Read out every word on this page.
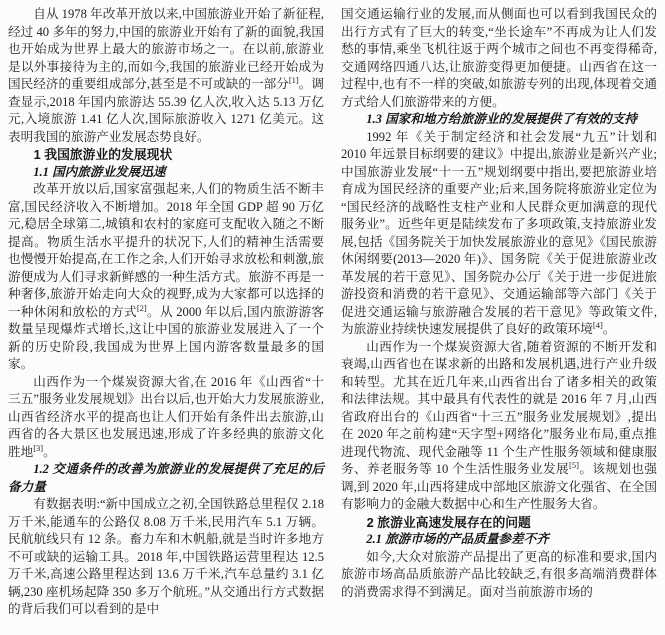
自从 1978 年改革开放以来,中国旅游业开始了新征程,经过 40 多年的努力,中国的旅游业开始有了新的面貌,我国也开始成为世界上最大的旅游市场之一。在以前,旅游业是以外事接待为主的,而如今,我国的旅游业已经开始成为国民经济的重要组成部分,甚至是不可或缺的一部分[1]。调查显示,2018 年国内旅游达 55.39 亿人次,收入达 5.13 万亿元,入境旅游 1.41 亿人次,国际旅游收入 1271 亿美元。这表明我国的旅游产业发展态势良好。

1 我国旅游业的发展现状
1.1 国内旅游业发展迅速

改革开放以后,国家富强起来,人们的物质生活不断丰富,国民经济收入不断增加。2018 年全国 GDP 超 90 万亿元,稳居全球第二,城镇和农村的家庭可支配收入随之不断提高。物质生活水平提升的状况下,人们的精神生活需要也慢慢开始提高,在工作之余,人们开始寻求放松和刺激,旅游便成为人们寻求新鲜感的一种生活方式。旅游不再是一种奢侈,旅游开始走向大众的视野,成为大家都可以选择的一种休闲和放松的方式[2]。从 2000 年以后,国内旅游游客数量呈现爆炸式增长,这让中国的旅游业发展进入了一个新的历史阶段,我国成为世界上国内游客数量最多的国家。

山西作为一个煤炭资源大省,在 2016 年《山西省“十三五”服务业发展规划》出台以后,也开始大力发展旅游业,山西省经济水平的提高也让人们开始有条件出去旅游,山西省的各大景区也发展迅速,形成了许多经典的旅游文化胜地[3]。

1.2 交通条件的改善为旅游业的发展提供了充足的后备力量

有数据表明:“新中国成立之初,全国铁路总里程仅 2.18 万千米,能通车的公路仅 8.08 万千米,民用汽车 5.1 万辆。民航航线只有 12 条。畜力车和木帆船,就是当时许多地方不可或缺的运输工具。2018 年,中国铁路运营里程达 12.5 万千米,高速公路里程达到 13.6 万千米,汽车总量约 3.1 亿辆,230 座机场起降 350 多万个航班。”从交通出行方式数据的背后我们可以看到的是中

国交通运输行业的发展,而从侧面也可以看到我国民众的出行方式有了巨大的转变,“坐长途车”不再成为让人们发愁的事情,乘坐飞机往返于两个城市之间也不再变得稀奇,交通网络四通八达,让旅游变得更加便捷。山西省在这一过程中,也有不一样的突破,如旅游专列的出现,体现着交通方式给人们旅游带来的方便。

1.3 国家和地方给旅游业的发展提供了有效的支持

1992 年《关于制定经济和社会发展“九五”计划和 2010 年远景目标纲要的建议》中提出,旅游业是新兴产业;中国旅游业发展“十一五”规划纲要中指出,要把旅游业培育成为国民经济的重要产业;后来,国务院将旅游业定位为“国民经济的战略性支柱产业和人民群众更加满意的现代服务业”。近些年更是陆续发布了多项政策,支持旅游业发展,包括《国务院关于加快发展旅游业的意见》《国民旅游休闲纲要(2013—2020 年)》、国务院《关于促进旅游业改革发展的若干意见》、国务院办公厅《关于进一步促进旅游投资和消费的若干意见》、交通运输部等六部门《关于促进交通运输与旅游融合发展的若干意见》等政策文件,为旅游业持续快速发展提供了良好的政策环境[4]。

山西作为一个煤炭资源大省,随着资源的不断开发和衰竭,山西省也在谋求新的出路和发展机遇,进行产业升级和转型。尤其在近几年来,山西省出台了诸多相关的政策和法律法规。其中最具有代表性的就是 2016 年 7 月,山西省政府出台的《山西省“十三五”服务业发展规划》,提出在 2020 年之前构建“天字型+网络化”服务业布局,重点推进现代物流、现代金融等 11 个生产性服务领域和健康服务、养老服务等 10 个生活性服务业发展[5]。该规划也强调,到 2020 年,山西将建成中部地区旅游文化强省、在全国有影响力的金融大数据中心和生产性服务大省。

2 旅游业高速发展存在的问题
2.1 旅游市场的产品质量参差不齐

如今,大众对旅游产品提出了更高的标准和要求,国内旅游市场高品质旅游产品比较缺乏,有很多高端消费群体的消费需求得不到满足。面对当前旅游市场的
